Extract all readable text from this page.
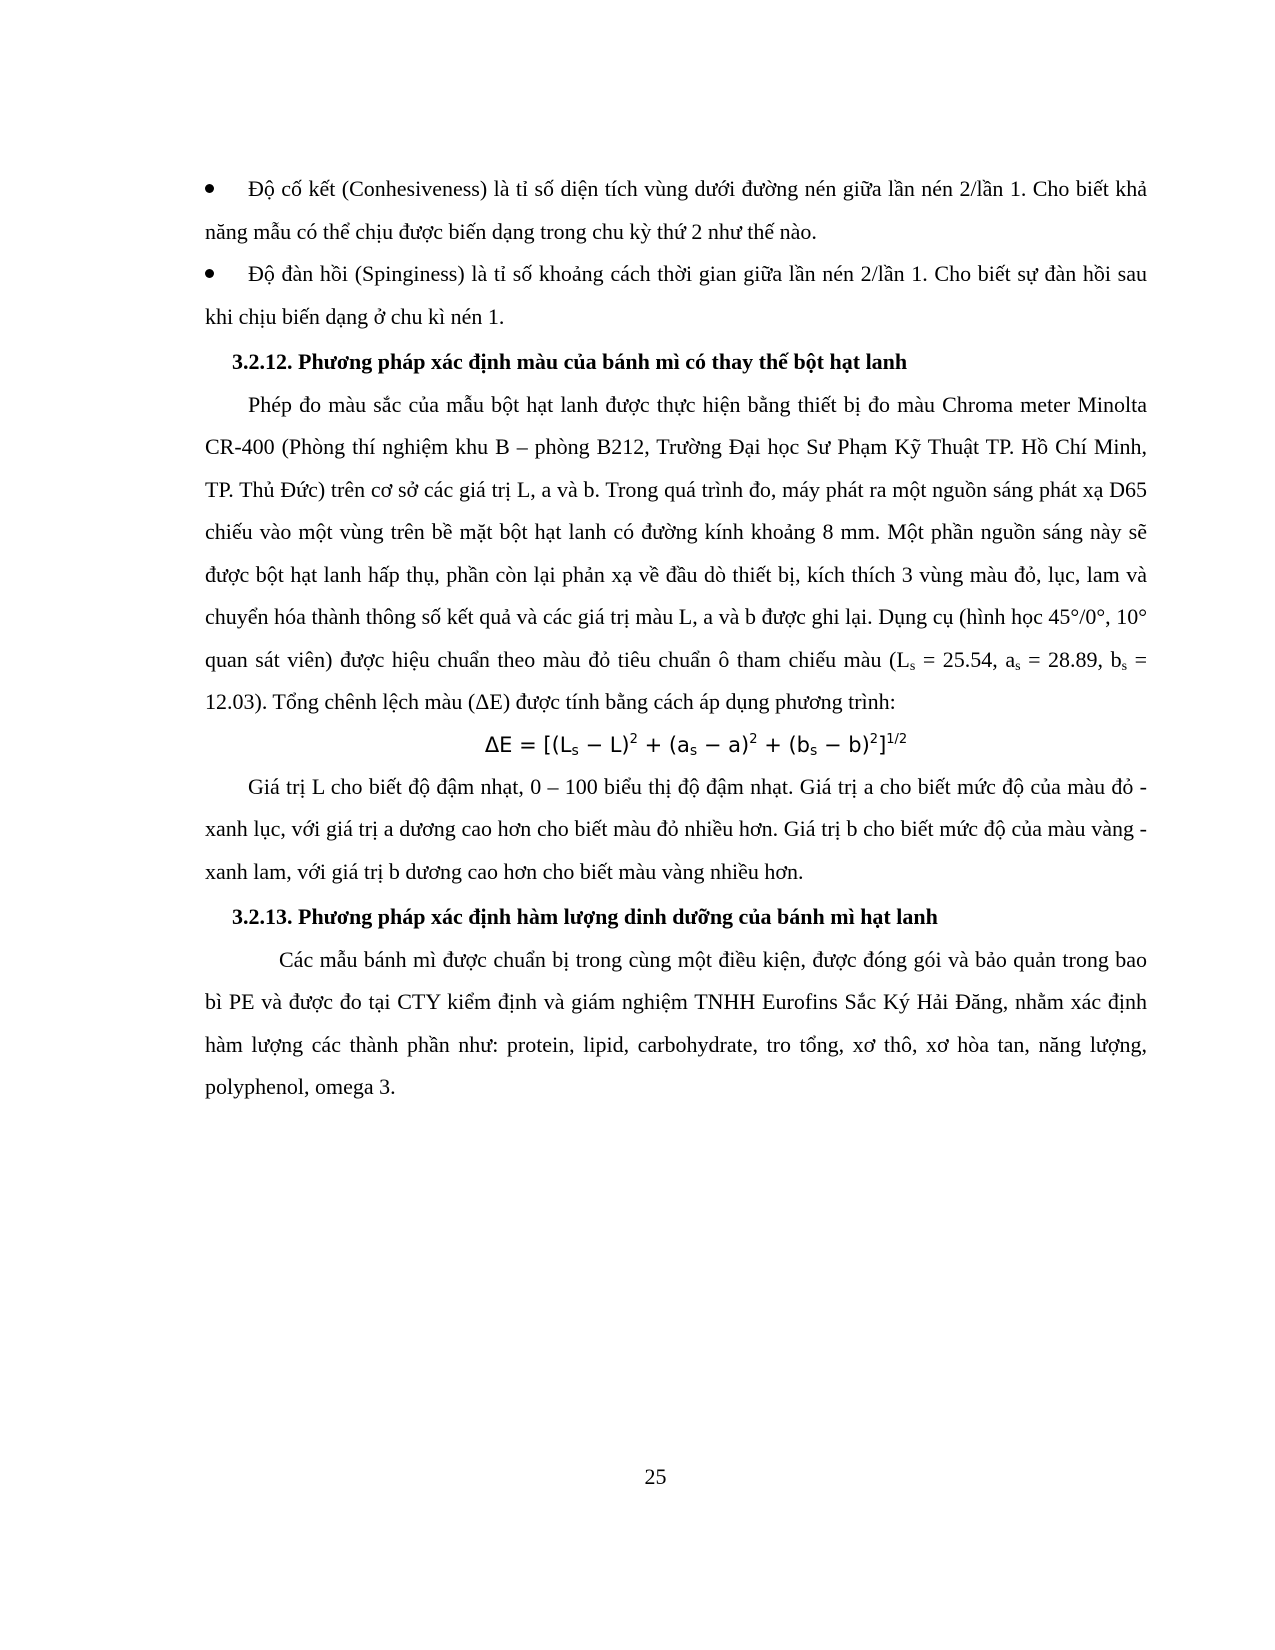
Độ cố kết (Conhesiveness) là tỉ số diện tích vùng dưới đường nén giữa lần nén 2/lần 1. Cho biết khả năng mẫu có thể chịu được biến dạng trong chu kỳ thứ 2 như thế nào.

Độ đàn hồi (Spinginess) là tỉ số khoảng cách thời gian giữa lần nén 2/lần 1. Cho biết sự đàn hồi sau khi chịu biến dạng ở chu kì nén 1.

3.2.12. Phương pháp xác định màu của bánh mì có thay thế bột hạt lanh

Phép đo màu sắc của mẫu bột hạt lanh được thực hiện bằng thiết bị đo màu Chroma meter Minolta CR-400 (Phòng thí nghiệm khu B – phòng B212, Trường Đại học Sư Phạm Kỹ Thuật TP. Hồ Chí Minh, TP. Thủ Đức) trên cơ sở các giá trị L, a và b. Trong quá trình đo, máy phát ra một nguồn sáng phát xạ D65 chiếu vào một vùng trên bề mặt bột hạt lanh có đường kính khoảng 8 mm. Một phần nguồn sáng này sẽ được bột hạt lanh hấp thụ, phần còn lại phản xạ về đầu dò thiết bị, kích thích 3 vùng màu đỏ, lục, lam và chuyển hóa thành thông số kết quả và các giá trị màu L, a và b được ghi lại. Dụng cụ (hình học 45°/0°, 10° quan sát viên) được hiệu chuẩn theo màu đỏ tiêu chuẩn ô tham chiếu màu ($L_s = 25.54$, $a_s = 28.89$, $b_s = 12.03$). Tổng chênh lệch màu (ΔE) được tính bằng cách áp dụng phương trình:

$\Delta E = [(L_s - L)^2 + (a_s - a)^2 + (b_s - b)^2]^{1/2}$

Giá trị L cho biết độ đậm nhạt, 0 – 100 biểu thị độ đậm nhạt. Giá trị a cho biết mức độ của màu đỏ - xanh lục, với giá trị a dương cao hơn cho biết màu đỏ nhiều hơn. Giá trị b cho biết mức độ của màu vàng - xanh lam, với giá trị b dương cao hơn cho biết màu vàng nhiều hơn.

3.2.13. Phương pháp xác định hàm lượng dinh dưỡng của bánh mì hạt lanh

Các mẫu bánh mì được chuẩn bị trong cùng một điều kiện, được đóng gói và bảo quản trong bao bì PE và được đo tại CTY kiểm định và giám nghiệm TNHH Eurofins Sắc Ký Hải Đăng, nhằm xác định hàm lượng các thành phần như: protein, lipid, carbohydrate, tro tổng, xơ thô, xơ hòa tan, năng lượng, polyphenol, omega 3.

25
